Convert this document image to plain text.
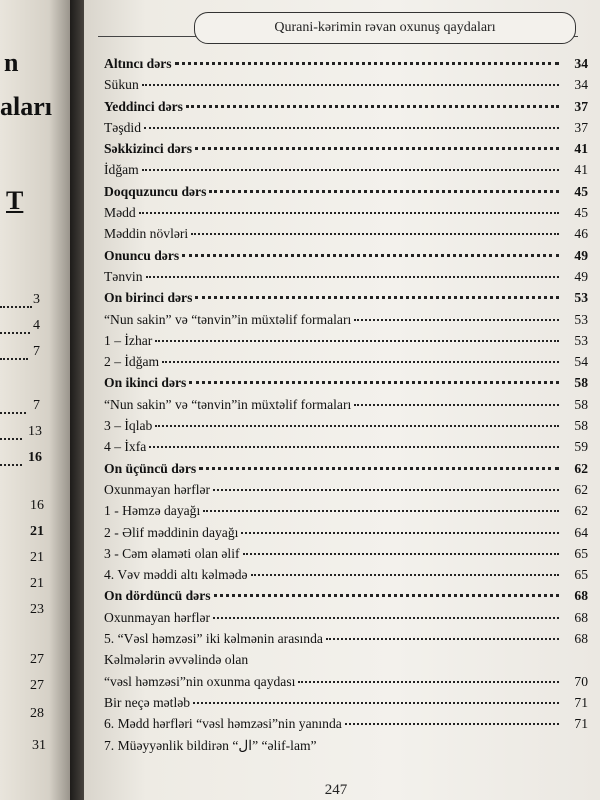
n
aları
T
3
4
7
7
13
16
16
21
21
21
23
27
27
28
31
Qurani-kərimin rəvan oxunuş qaydaları
Altıncı dərs	34
Sükun	34
Yeddinci dərs	37
Təşdid	37
Səkkizinci dərs	41
İdğam	41
Doqquzuncu dərs	45
Mədd	45
Məddin növləri	46
Onuncu dərs	49
Tənvin	49
On birinci dərs	53
“Nun sakin” və “tənvin”in müxtəlif formaları	53
1 – İzhar	53
2 – İdğam	54
On ikinci dərs	58
“Nun sakin” və “tənvin”in müxtəlif formaları	58
3 – İqlab	58
4 – İxfa	59
On üçüncü dərs	62
Oxunmayan hərflər	62
1 - Həmzə dayağı	62
2 - Əlif məddinin dayağı	64
3 - Cəm əlaməti olan əlif	65
4. Vəv məddi altı kəlmədə	65
On dördüncü dərs	68
Oxunmayan hərflər	68
5. “Vəsl həmzəsi” iki kəlmənin arasında	68
Kəlmələrin əvvəlində olan
“vəsl həmzəsi”nin oxunma qaydası	70
Bir neçə mətləb	71
6. Mədd hərfləri “vəsl həmzəsi”nin yanında	71
7. Müəyyənlik bildirən “ال” “əlif-lam”
247
